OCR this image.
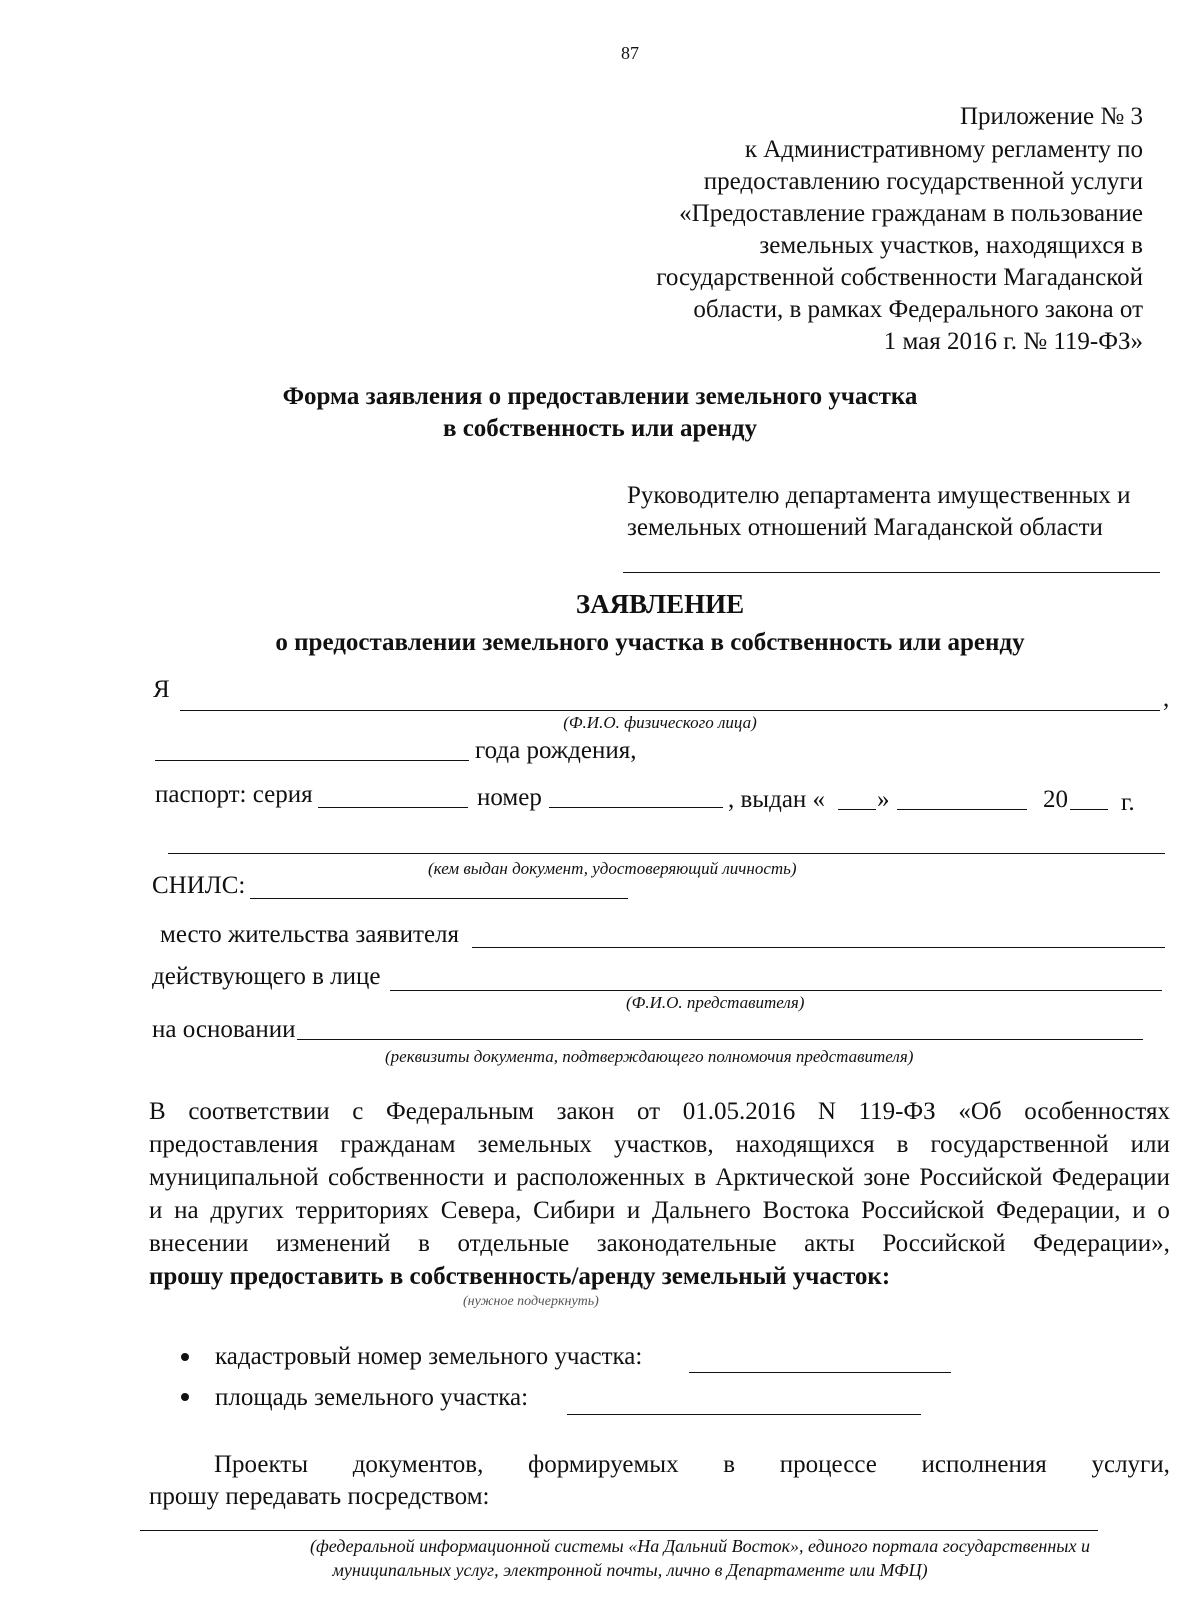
87
Приложение № 3
к Административному регламенту по
предоставлению государственной услуги
«Предоставление гражданам в пользование
земельных участков, находящихся в
государственной собственности Магаданской
области, в рамках Федерального закона от
1 мая 2016 г. № 119-ФЗ»
Форма заявления о предоставлении земельного участка
в собственность или аренду
Руководителю департамента имущественных и
земельных отношений Магаданской области
ЗАЯВЛЕНИЕ
о предоставлении земельного участка в собственность или аренду
Я	,
(Ф.И.О. физического лица)
года рождения,
паспорт: серия	номер	, выдан « »	20 г.
(кем выдан документ, удостоверяющий личность)
СНИЛС:
место жительства заявителя
действующего в лице
(Ф.И.О. представителя)
на основании
(реквизиты документа, подтверждающего полномочия представителя)
В соответствии с Федеральным закон от 01.05.2016 N 119-ФЗ «Об особенностях
предоставления гражданам земельных участков, находящихся в государственной или
муниципальной собственности и расположенных в Арктической зоне Российской Федерации
и на других территориях Севера, Сибири и Дальнего Востока Российской Федерации, и о
внесении изменений в отдельные законодательные акты Российской Федерации»,
прошу предоставить в собственность/аренду земельный участок:
(нужное подчеркнуть)
кадастровый номер земельного участка:
площадь земельного участка:
Проекты документов, формируемых в процессе исполнения услуги,
прошу передавать посредством:
(федеральной информационной системы «На Дальний Восток», единого портала государственных и
муниципальных услуг, электронной почты, лично в Департаменте или МФЦ)
